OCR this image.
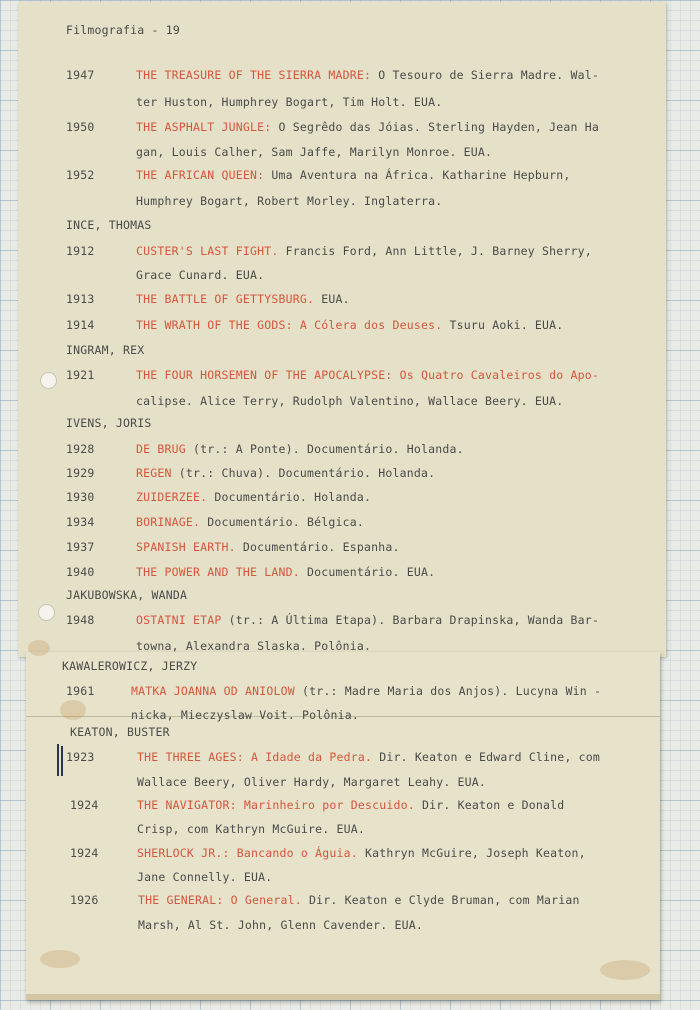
Filmografia - 19
1947	THE TREASURE OF THE SIERRA MADRE: O Tesouro de Sierra Madre. Wal-
ter Huston, Humphrey Bogart, Tim Holt. EUA.
1950	THE ASPHALT JUNGLE: O Segrêdo das Jóias. Sterling Hayden, Jean Ha
gan, Louis Calher, Sam Jaffe, Marilyn Monroe. EUA.
1952	THE AFRICAN QUEEN: Uma Aventura na África. Katharine Hepburn,
Humphrey Bogart, Robert Morley. Inglaterra.
INCE, THOMAS
1912	CUSTER'S LAST FIGHT. Francis Ford, Ann Little, J. Barney Sherry,
Grace Cunard. EUA.
1913	THE BATTLE OF GETTYSBURG. EUA.
1914	THE WRATH OF THE GODS: A Cólera dos Deuses. Tsuru Aoki. EUA.
INGRAM, REX
1921	THE FOUR HORSEMEN OF THE APOCALYPSE: Os Quatro Cavaleiros do Apo-
calipse. Alice Terry, Rudolph Valentino, Wallace Beery. EUA.
IVENS, JORIS
1928	DE BRUG (tr.: A Ponte). Documentário. Holanda.
1929	REGEN (tr.: Chuva). Documentário. Holanda.
1930	ZUIDERZEE. Documentário. Holanda.
1934	BORINAGE. Documentário. Bélgica.
1937	SPANISH EARTH. Documentário. Espanha.
1940	THE POWER AND THE LAND. Documentário. EUA.
JAKUBOWSKA, WANDA
1948	OSTATNI ETAP (tr.: A Última Etapa). Barbara Drapinska, Wanda Bar-
towna, Alexandra Slaska. Polônia.
KAWALEROWICZ, JERZY
1961	MATKA JOANNA OD ANIOLOW (tr.: Madre Maria dos Anjos). Lucyna Win -
nicka, Mieczyslaw Voit. Polônia.
KEATON, BUSTER
1923	THE THREE AGES: A Idade da Pedra. Dir. Keaton e Edward Cline, com
Wallace Beery, Oliver Hardy, Margaret Leahy. EUA.
1924	THE NAVIGATOR: Marinheiro por Descuido. Dir. Keaton e Donald
Crisp, com Kathryn McGuire. EUA.
1924	SHERLOCK JR.: Bancando o Águia. Kathryn McGuire, Joseph Keaton,
Jane Connelly. EUA.
1926	THE GENERAL: O General. Dir. Keaton e Clyde Bruman, com Marian
Marsh, Al St. John, Glenn Cavender. EUA.
